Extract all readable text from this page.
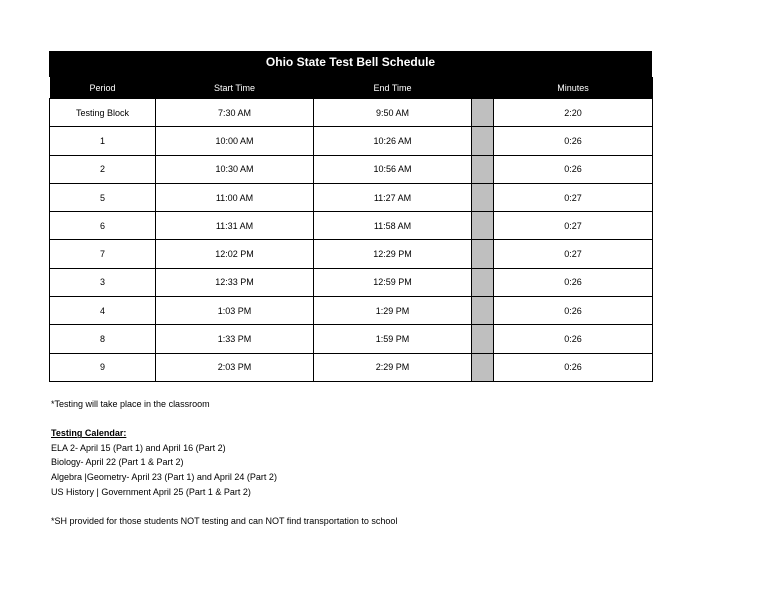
Ohio State Test Bell Schedule
Period	Start Time	End Time		Minutes
Testing Block	7:30 AM	9:50 AM		2:20
1	10:00 AM	10:26 AM		0:26
2	10:30 AM	10:56 AM		0:26
5	11:00 AM	11:27 AM		0:27
6	11:31 AM	11:58 AM		0:27
7	12:02 PM	12:29 PM		0:27
3	12:33 PM	12:59 PM		0:26
4	1:03 PM	1:29 PM		0:26
8	1:33 PM	1:59 PM		0:26
9	2:03 PM	2:29 PM		0:26

*Testing will take place in the classroom

Testing Calendar:

ELA 2- April 15 (Part 1) and April 16 (Part 2)

Biology- April 22 (Part 1 & Part 2)

Algebra |Geometry- April 23 (Part 1) and April 24 (Part 2)

US History | Government April 25 (Part 1 & Part 2)

*SH provided for those students NOT testing and can NOT find transportation to school
